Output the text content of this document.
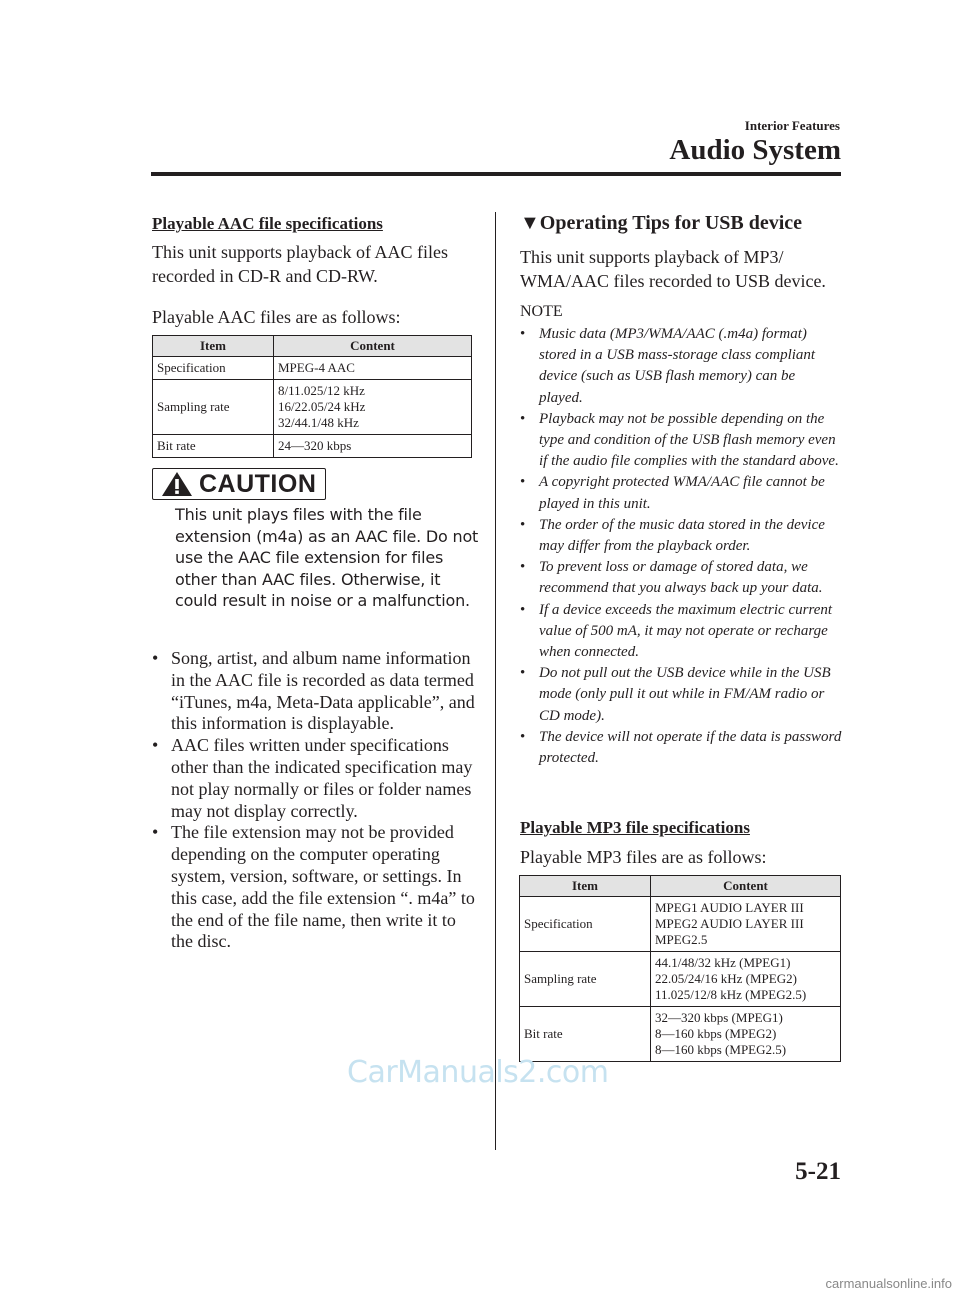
Interior Features
Audio System
Playable AAC file specifications
This unit supports playback of AAC files recorded in CD-R and CD-RW.
Playable AAC files are as follows:
Item	Content
Specification	MPEG-4 AAC

Sampling rate	8/11.025/12 kHz
16/22.05/24 kHz
32/44.1/48 kHz

Bit rate	24—320 kbps
CAUTION
This unit plays files with the file extension (m4a) as an AAC file. Do not use the AAC file extension for files other than AAC files. Otherwise, it could result in noise or a malfunction.
• Song, artist, and album name information in the AAC file is recorded as data termed “iTunes, m4a, Meta-Data applicable”, and this information is displayable.
• AAC files written under specifications other than the indicated specification may not play normally or files or folder names may not display correctly.
• The file extension may not be provided depending on the computer operating system, version, software, or settings. In this case, add the file extension “. m4a” to the end of the file name, then write it to the disc.
▼Operating Tips for USB device
This unit supports playback of MP3/ WMA/AAC files recorded to USB device.
NOTE
• Music data (MP3/WMA/AAC (.m4a) format) stored in a USB mass-storage class compliant device (such as USB flash memory) can be played.
• Playback may not be possible depending on the type and condition of the USB flash memory even if the audio file complies with the standard above.
• A copyright protected WMA/AAC file cannot be played in this unit.
• The order of the music data stored in the device may differ from the playback order.
• To prevent loss or damage of stored data, we recommend that you always back up your data.
• If a device exceeds the maximum electric current value of 500 mA, it may not operate or recharge when connected.
• Do not pull out the USB device while in the USB mode (only pull it out while in FM/AM radio or CD mode).
• The device will not operate if the data is password protected.
Playable MP3 file specifications
Playable MP3 files are as follows:
Item	Content
Specification	MPEG1 AUDIO LAYER III
MPEG2 AUDIO LAYER III
MPEG2.5

Sampling rate	44.1/48/32 kHz (MPEG1)
22.05/24/16 kHz (MPEG2)
11.025/12/8 kHz (MPEG2.5)

Bit rate	32—320 kbps (MPEG1)
8—160 kbps (MPEG2)
8—160 kbps (MPEG2.5)
CarManuals2.com
5-21
carmanualsonline.info
